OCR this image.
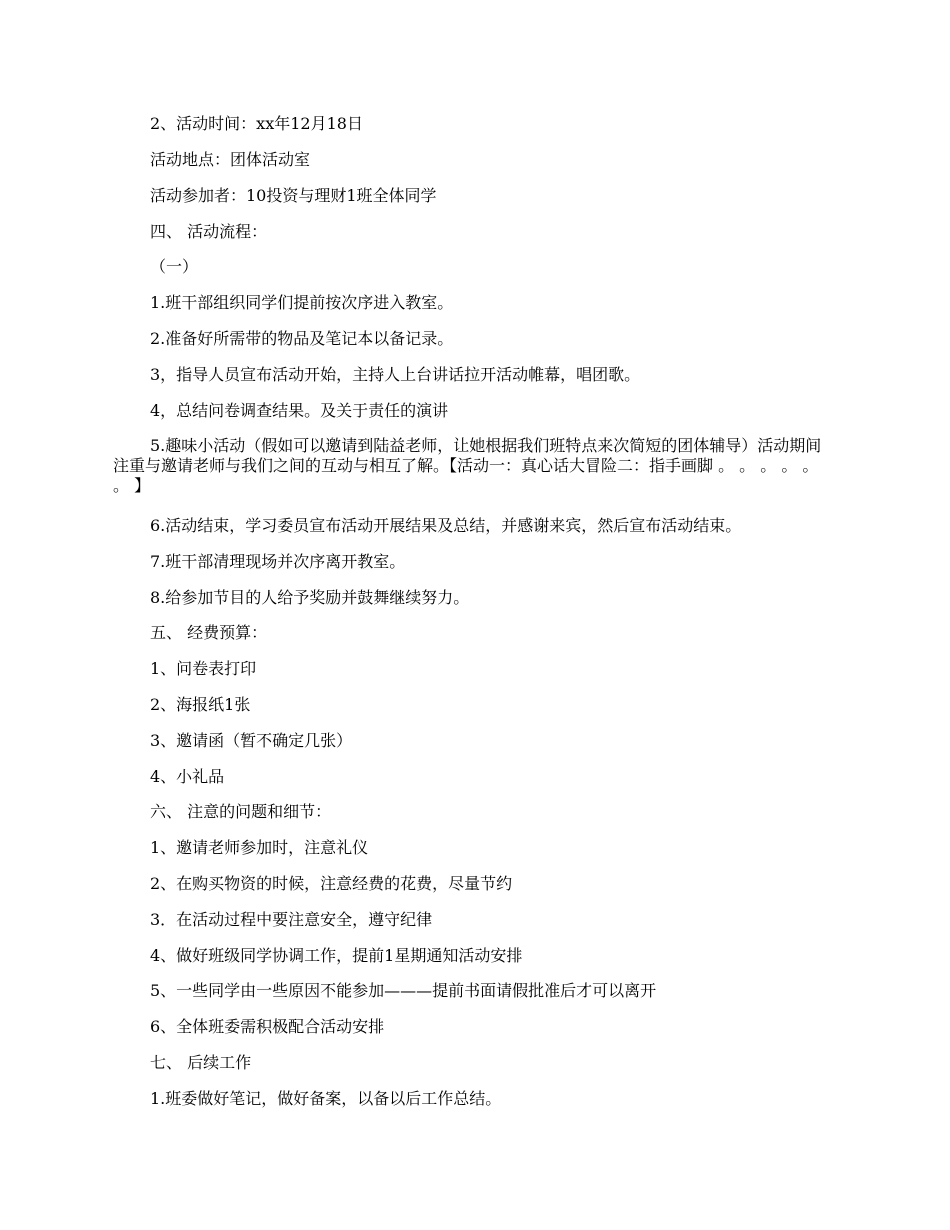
2、活动时间：xx年12月18日
活动地点：团体活动室
活动参加者：10投资与理财1班全体同学
四、 活动流程：
（一）
1.班干部组织同学们提前按次序进入教室。
2.准备好所需带的物品及笔记本以备记录。
3，指导人员宣布活动开始，主持人上台讲话拉开活动帷幕，唱团歌。
4，总结问卷调查结果。及关于责任的演讲
5.趣味小活动（假如可以邀请到陆益老师，让她根据我们班特点来次简短的团体辅导）活动期间注重与邀请老师与我们之间的互动与相互了解。【活动一：真心话大冒险二：指手画脚 。 。 。 。 。 。 】
6.活动结束，学习委员宣布活动开展结果及总结，并感谢来宾，然后宣布活动结束。
7.班干部清理现场并次序离开教室。
8.给参加节目的人给予奖励并鼓舞继续努力。
五、 经费预算：
1、问卷表打印
2、海报纸1张
3、邀请函（暂不确定几张）
4、小礼品
六、 注意的问题和细节：
1、邀请老师参加时，注意礼仪
2、在购买物资的时候，注意经费的花费，尽量节约
3．在活动过程中要注意安全，遵守纪律
4、做好班级同学协调工作，提前1星期通知活动安排
5、一些同学由一些原因不能参加———提前书面请假批准后才可以离开
6、全体班委需积极配合活动安排
七、 后续工作
1.班委做好笔记，做好备案，以备以后工作总结。
